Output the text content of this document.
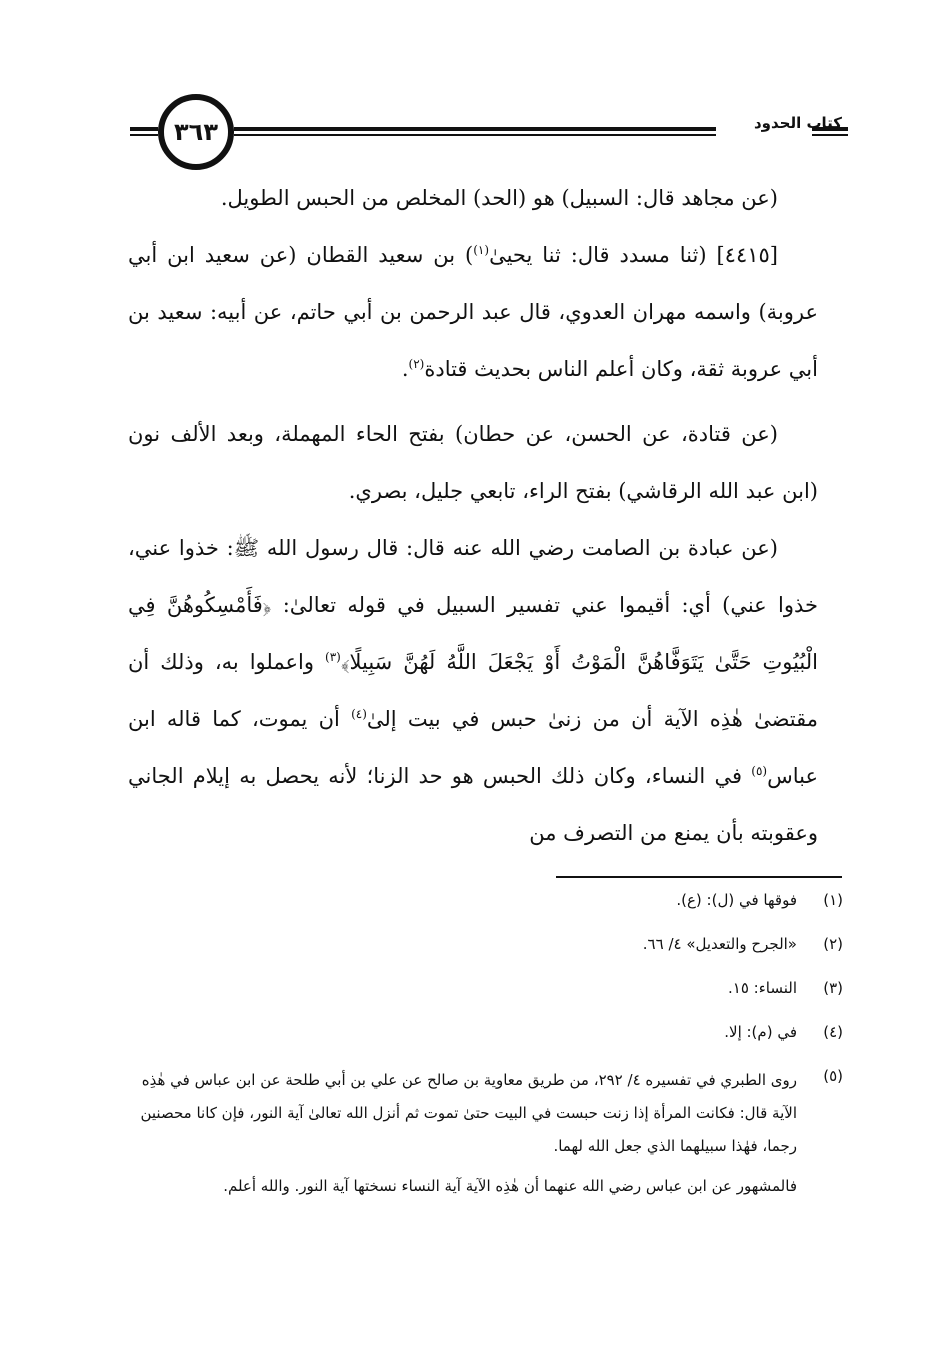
كتاب الحدود
٣٦٣

(عن مجاهد قال: السبيل) هو (الحد) المخلص من الحبس الطويل.

[٤٤١٥] (ثنا مسدد قال: ثنا يحيىٰ$^{(١)}$) بن سعيد القطان (عن سعيد ابن أبي عروبة) واسمه مهران العدوي، قال عبد الرحمن بن أبي حاتم، عن أبيه: سعيد بن أبي عروبة ثقة، وكان أعلم الناس بحديث قتادة$^{(٢)}$.

(عن قتادة، عن الحسن، عن حطان) بفتح الحاء المهملة، وبعد الألف نون (ابن عبد الله الرقاشي) بفتح الراء، تابعي جليل، بصري.

(عن عبادة بن الصامت رضي الله عنه قال: قال رسول الله ﷺ: خذوا عني، خذوا عني) أي: أقيموا عني تفسير السبيل في قوله تعالىٰ: ﴿فَأَمْسِكُوهُنَّ فِي الْبُيُوتِ حَتَّىٰ يَتَوَفَّاهُنَّ الْمَوْتُ أَوْ يَجْعَلَ اللَّهُ لَهُنَّ سَبِيلًا﴾$^{(٣)}$ واعملوا به، وذلك أن مقتضىٰ هٰذِه الآية أن من زنىٰ حبس في بيت إلىٰ$^{(٤)}$ أن يموت، كما قاله ابن عباس$^{(٥)}$ في النساء، وكان ذلك الحبس هو حد الزنا؛ لأنه يحصل به إيلام الجاني وعقوبته بأن يمنع من التصرف من

(١)
فوقها في (ل): (ع).
(٢)
«الجرح والتعديل» ٤/ ٦٦.
(٣)
النساء: ١٥.
(٤)
في (م): إلا.
(٥)
روى الطبري في تفسيره ٤/ ٢٩٢، من طريق معاوية بن صالح عن علي بن أبي طلحة عن ابن عباس في هٰذِه الآية قال: فكانت المرأة إذا زنت حبست في البيت حتىٰ تموت ثم أنزل الله تعالىٰ آية النور، فإن كانا محصنين رجما، فهٰذا سبيلهما الذي جعل الله لهما.
فالمشهور عن ابن عباس رضي الله عنهما أن هٰذِه الآية آية النساء نسختها آية النور. والله أعلم.
